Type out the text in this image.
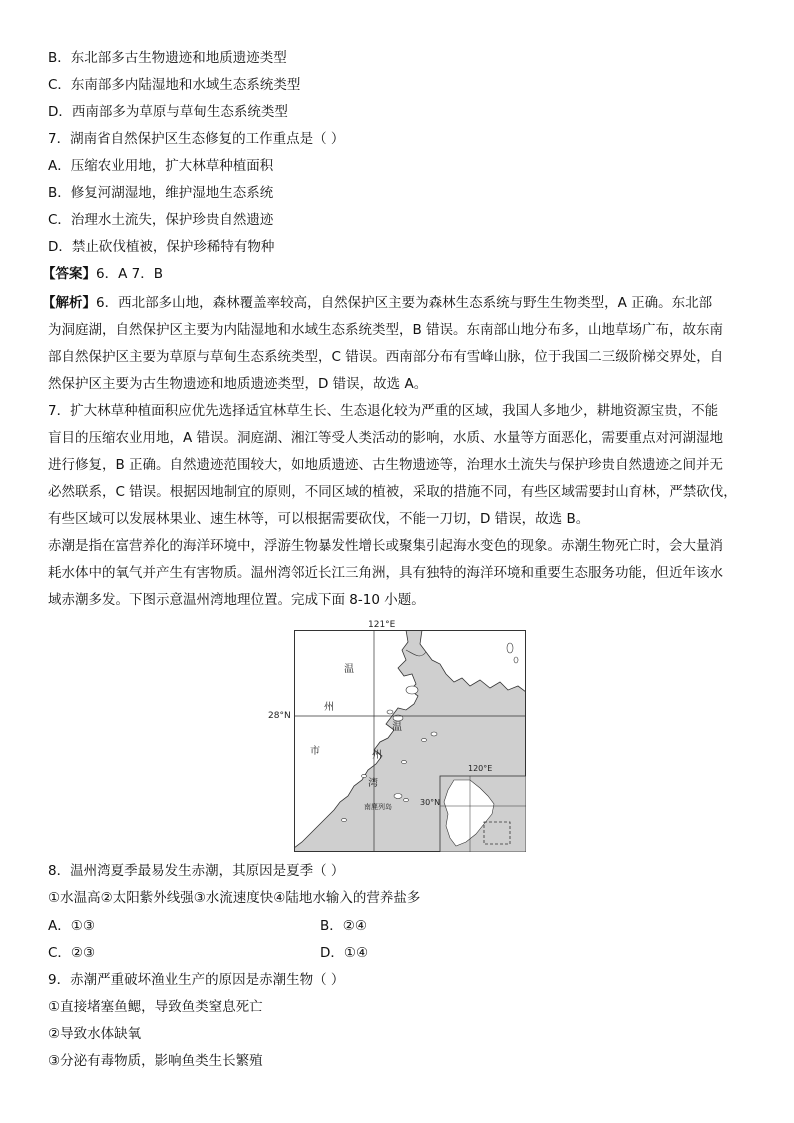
B．东北部多古生物遗迹和地质遗迹类型
C．东南部多内陆湿地和水域生态系统类型
D．西南部多为草原与草甸生态系统类型
7．湖南省自然保护区生态修复的工作重点是（ ）
A．压缩农业用地，扩大林草种植面积
B．修复河湖湿地，维护湿地生态系统
C．治理水土流失，保护珍贵自然遗迹
D．禁止砍伐植被，保护珍稀特有物种
【答案】6．A 7．B
【解析】6．西北部多山地，森林覆盖率较高，自然保护区主要为森林生态系统与野生生物类型，A 正确。东北部
为洞庭湖，自然保护区主要为内陆湿地和水域生态系统类型，B 错误。东南部山地分布多，山地草场广布，故东南
部自然保护区主要为草原与草甸生态系统类型，C 错误。西南部分布有雪峰山脉，位于我国二三级阶梯交界处，自
然保护区主要为古生物遗迹和地质遗迹类型，D 错误，故选 A。
7．扩大林草种植面积应优先选择适宜林草生长、生态退化较为严重的区域，我国人多地少，耕地资源宝贵，不能
盲目的压缩农业用地，A 错误。洞庭湖、湘江等受人类活动的影响，水质、水量等方面恶化，需要重点对河湖湿地
进行修复，B 正确。自然遗迹范围较大，如地质遗迹、古生物遗迹等，治理水土流失与保护珍贵自然遗迹之间并无
必然联系，C 错误。根据因地制宜的原则，不同区域的植被，采取的措施不同，有些区域需要封山育林，严禁砍伐，
有些区域可以发展林果业、速生林等，可以根据需要砍伐，不能一刀切，D 错误，故选 B。
赤潮是指在富营养化的海洋环境中，浮游生物暴发性增长或聚集引起海水变色的现象。赤潮生物死亡时，会大量消
耗水体中的氧气并产生有害物质。温州湾邻近长江三角洲，具有独特的海洋环境和重要生态服务功能，但近年该水
域赤潮多发。下图示意温州湾地理位置。完成下面 8-10 小题。
121°E
28°N
温
州
市
温
州
湾
南麂列岛
120°E
30°N
8．温州湾夏季最易发生赤潮，其原因是夏季（ ）
①水温高②太阳紫外线强③水流速度快④陆地水输入的营养盐多
A．①③	B．②④
C．②③	D．①④
9．赤潮严重破坏渔业生产的原因是赤潮生物（ ）
①直接堵塞鱼鳃，导致鱼类窒息死亡
②导致水体缺氧
③分泌有毒物质，影响鱼类生长繁殖
